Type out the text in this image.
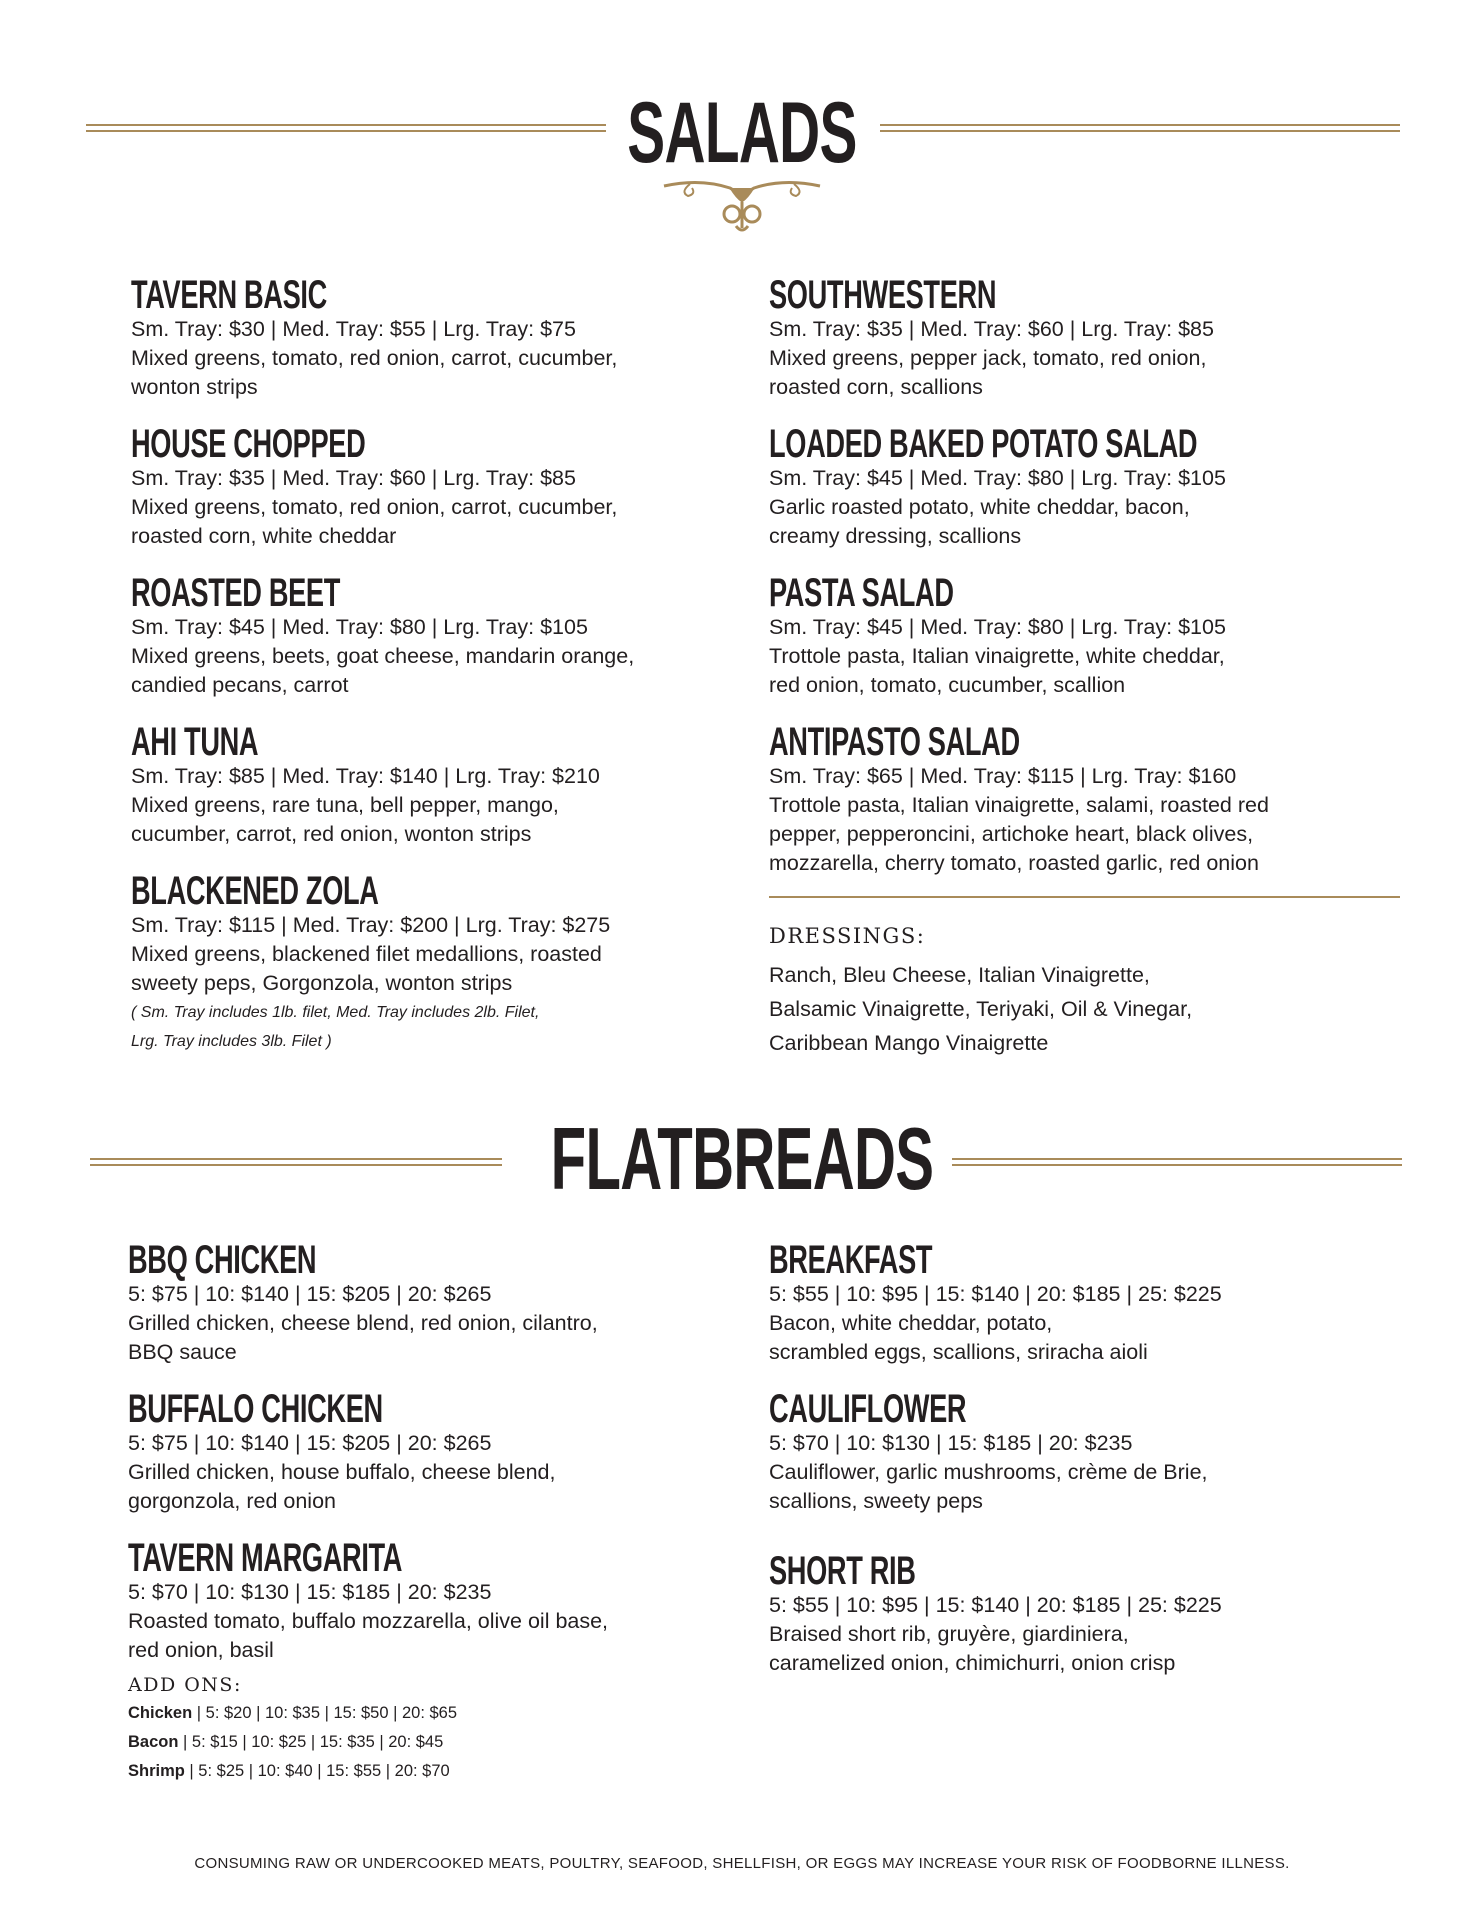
SALADS
TAVERN BASIC
Sm. Tray: $30 | Med. Tray: $55 | Lrg. Tray: $75
Mixed greens, tomato, red onion, carrot, cucumber,
wonton strips
HOUSE CHOPPED
Sm. Tray: $35 | Med. Tray: $60 | Lrg. Tray: $85
Mixed greens, tomato, red onion, carrot, cucumber,
roasted corn, white cheddar
ROASTED BEET
Sm. Tray: $45 | Med. Tray: $80 | Lrg. Tray: $105
Mixed greens, beets, goat cheese, mandarin orange,
candied pecans, carrot
AHI TUNA
Sm. Tray: $85 | Med. Tray: $140 | Lrg. Tray: $210
Mixed greens, rare tuna, bell pepper, mango,
cucumber, carrot, red onion, wonton strips
BLACKENED ZOLA
Sm. Tray: $115 | Med. Tray: $200 | Lrg. Tray: $275
Mixed greens, blackened filet medallions, roasted
sweety peps, Gorgonzola, wonton strips
( Sm. Tray includes 1lb. filet, Med. Tray includes 2lb. Filet,
Lrg. Tray includes 3lb. Filet )
SOUTHWESTERN
Sm. Tray: $35 | Med. Tray: $60 | Lrg. Tray: $85
Mixed greens, pepper jack, tomato, red onion,
roasted corn, scallions
LOADED BAKED POTATO SALAD
Sm. Tray: $45 | Med. Tray: $80 | Lrg. Tray: $105
Garlic roasted potato, white cheddar, bacon,
creamy dressing, scallions
PASTA SALAD
Sm. Tray: $45 | Med. Tray: $80 | Lrg. Tray: $105
Trottole pasta, Italian vinaigrette, white cheddar,
red onion, tomato, cucumber, scallion
ANTIPASTO SALAD
Sm. Tray: $65 | Med. Tray: $115 | Lrg. Tray: $160
Trottole pasta, Italian vinaigrette, salami, roasted red
pepper, pepperoncini, artichoke heart, black olives,
mozzarella, cherry tomato, roasted garlic, red onion
DRESSINGS:
Ranch, Bleu Cheese, Italian Vinaigrette,
Balsamic Vinaigrette, Teriyaki, Oil & Vinegar,
Caribbean Mango Vinaigrette
FLATBREADS
BBQ CHICKEN
5: $75 | 10: $140 | 15: $205 | 20: $265
Grilled chicken, cheese blend, red onion, cilantro,
BBQ sauce
BUFFALO CHICKEN
5: $75 | 10: $140 | 15: $205 | 20: $265
Grilled chicken, house buffalo, cheese blend,
gorgonzola, red onion
TAVERN MARGARITA
5: $70 | 10: $130 | 15: $185 | 20: $235
Roasted tomato, buffalo mozzarella, olive oil base,
red onion, basil
ADD ONS:
Chicken | 5: $20 | 10: $35 | 15: $50 | 20: $65
Bacon | 5: $15 | 10: $25 | 15: $35 | 20: $45
Shrimp | 5: $25 | 10: $40 | 15: $55 | 20: $70
BREAKFAST
5: $55 | 10: $95 | 15: $140 | 20: $185 | 25: $225
Bacon, white cheddar, potato,
scrambled eggs, scallions, sriracha aioli
CAULIFLOWER
5: $70 | 10: $130 | 15: $185 | 20: $235
Cauliflower, garlic mushrooms, crème de Brie,
scallions, sweety peps
SHORT RIB
5: $55 | 10: $95 | 15: $140 | 20: $185 | 25: $225
Braised short rib, gruyère, giardiniera,
caramelized onion, chimichurri, onion crisp
CONSUMING RAW OR UNDERCOOKED MEATS, POULTRY, SEAFOOD, SHELLFISH, OR EGGS MAY INCREASE YOUR RISK OF FOODBORNE ILLNESS.
